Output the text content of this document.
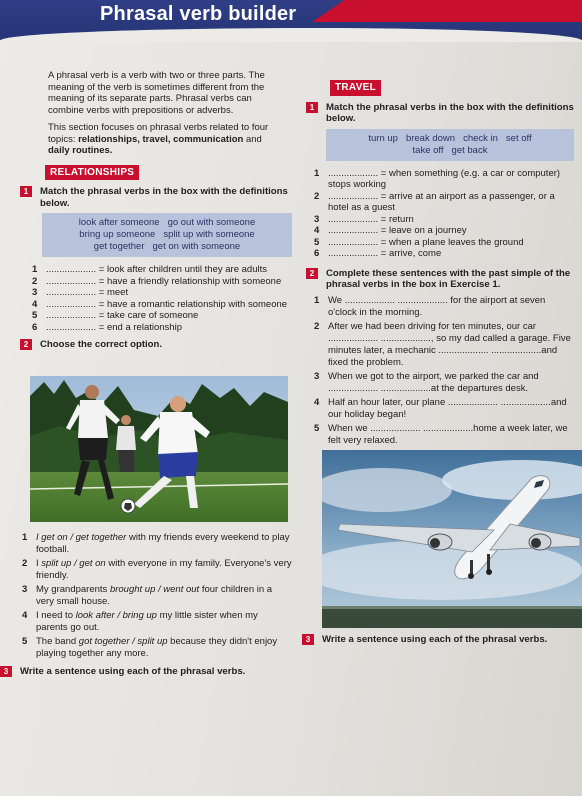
Phrasal verb builder

A phrasal verb is a verb with two or three parts. The meaning of the verb is sometimes different from the meaning of its separate parts. Phrasal verbs can combine verbs with prepositions or adverbs.

This section focuses on phrasal verbs related to four topics: relationships, travel, communication and daily routines.

RELATIONSHIPS
1	Match the phrasal verbs in the box with the definitions below.
look after someone go out with someone
bring up someone split up with someone
get together get on with someone
1 ................... = look after children until they are adults
2 ................... = have a friendly relationship with someone
3 ................... = meet
4 ................... = have a romantic relationship with someone
5 ................... = take care of someone
6 ................... = end a relationship
2	Choose the correct option.
1 I get on / get together with my friends every weekend to play football.
2 I split up / get on with everyone in my family. Everyone's very friendly.
3 My grandparents brought up / went out four children in a very small house.
4 I need to look after / bring up my little sister when my parents go out.
5 The band got together / split up because they didn't enjoy playing together any more.
3	Write a sentence using each of the phrasal verbs.
TRAVEL
1	Match the phrasal verbs in the box with the definitions below.
turn up break down check in set off
take off get back
1 ................... = when something (e.g. a car or computer) stops working
2 ................... = arrive at an airport as a passenger, or a hotel as a guest
3 ................... = return
4 ................... = leave on a journey
5 ................... = when a plane leaves the ground
6 ................... = arrive, come
2	Complete these sentences with the past simple of the phrasal verbs in the box in Exercise 1.
1 We ................... ................... for the airport at seven o'clock in the morning.
2 After we had been driving for ten minutes, our car ................... ..................., so my dad called a garage. Five minutes later, a mechanic ................... ...................and fixed the problem.
3 When we got to the airport, we parked the car and ................... ...................at the departures desk.
4 Half an hour later, our plane ................... ...................and our holiday began!
5 When we ................... ...................home a week later, we felt very relaxed.
3	Write a sentence using each of the phrasal verbs.
